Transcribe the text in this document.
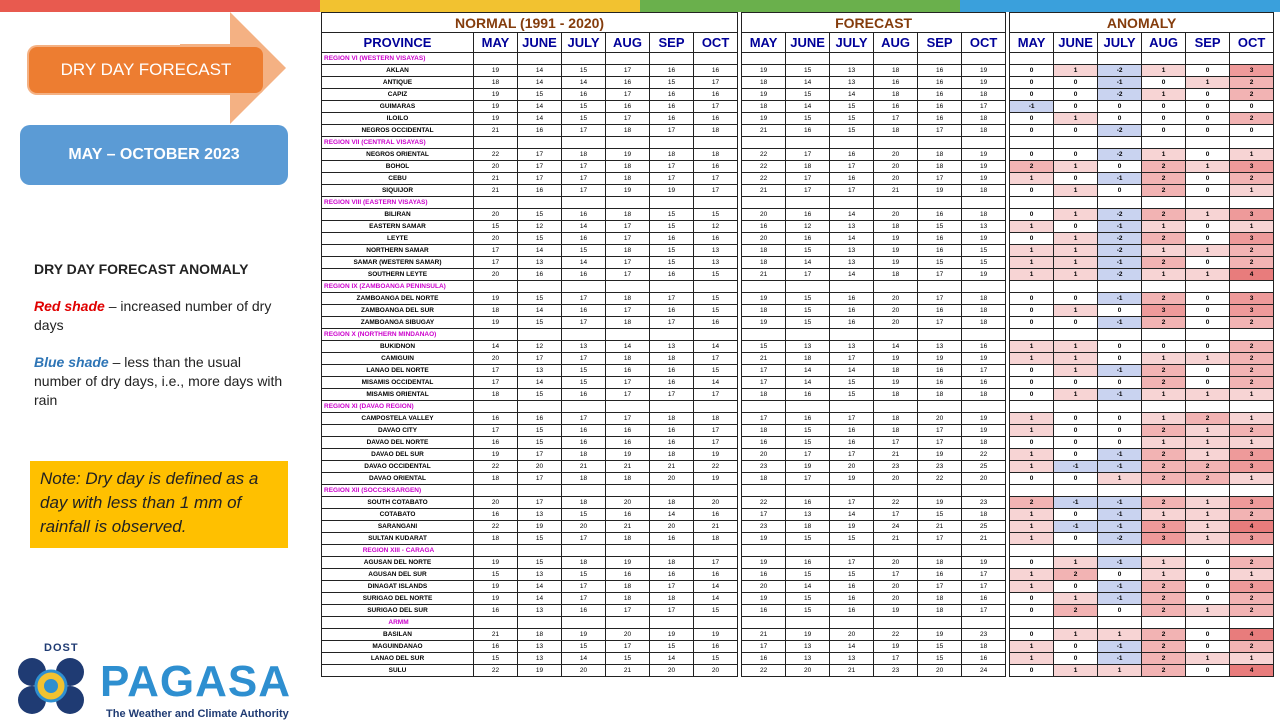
DRY DAY FORECAST
MAY – OCTOBER 2023
DRY DAY FORECAST ANOMALY

Red shade – increased number of dry days

Blue shade – less than the usual number of dry days, i.e., more days with rain

Note: Dry day is defined as a day with less than 1 mm of rainfall is observed.
DOST
PAGASA
The Weather and Climate Authority
NORMAL (1991 - 2020)								FORECAST							ANOMALY					
PROVINCE	MAY	JUNE	JULY	AUG	SEP	OCT		MAY	JUNE	JULY	AUG	SEP	OCT		MAY	JUNE	JULY	AUG	SEP	OCT
REGION VI (WESTERN VISAYAS)																				
AKLAN	19	14	15	17	16	16		19	15	13	18	16	19		0	1	-2	1	0	3
ANTIQUE	18	14	14	16	15	17		18	14	13	16	16	19		0	0	-1	0	1	2
CAPIZ	19	15	16	17	16	16		19	15	14	18	16	18		0	0	-2	1	0	2
GUIMARAS	19	14	15	16	16	17		18	14	15	16	16	17		-1	0	0	0	0	0
ILOILO	19	14	15	17	16	16		19	15	15	17	16	18		0	1	0	0	0	2
NEGROS OCCIDENTAL	21	16	17	18	17	18		21	16	15	18	17	18		0	0	-2	0	0	0
REGION VII (CENTRAL VISAYAS)																				
NEGROS ORIENTAL	22	17	18	19	18	18		22	17	16	20	18	19		0	0	-2	1	0	1
BOHOL	20	17	17	18	17	16		22	18	17	20	18	19		2	1	0	2	1	3
CEBU	21	17	17	18	17	17		22	17	16	20	17	19		1	0	-1	2	0	2
SIQUIJOR	21	16	17	19	19	17		21	17	17	21	19	18		0	1	0	2	0	1
REGION VIII (EASTERN VISAYAS)																				
BILIRAN	20	15	16	18	15	15		20	16	14	20	16	18		0	1	-2	2	1	3
EASTERN SAMAR	15	12	14	17	15	12		16	12	13	18	15	13		1	0	-1	1	0	1
LEYTE	20	15	16	17	16	16		20	16	14	19	16	19		0	1	-2	2	0	3
NORTHERN SAMAR	17	14	15	18	15	13		18	15	13	19	16	15		1	1	-2	1	1	2
SAMAR (WESTERN SAMAR)	17	13	14	17	15	13		18	14	13	19	15	15		1	1	-1	2	0	2
SOUTHERN LEYTE	20	16	16	17	16	15		21	17	14	18	17	19		1	1	-2	1	1	4
REGION IX (ZAMBOANGA PENINSULA)																				
ZAMBOANGA DEL NORTE	19	15	17	18	17	15		19	15	16	20	17	18		0	0	-1	2	0	3
ZAMBOANGA DEL SUR	18	14	16	17	16	15		18	15	16	20	16	18		0	1	0	3	0	3
ZAMBOANGA SIBUGAY	19	15	17	18	17	16		19	15	16	20	17	18		0	0	-1	2	0	2
REGION X (NORTHERN MINDANAO)																				
BUKIDNON	14	12	13	14	13	14		15	13	13	14	13	16		1	1	0	0	0	2
CAMIGUIN	20	17	17	18	18	17		21	18	17	19	19	19		1	1	0	1	1	2
LANAO DEL NORTE	17	13	15	16	16	15		17	14	14	18	16	17		0	1	-1	2	0	2
MISAMIS OCCIDENTAL	17	14	15	17	16	14		17	14	15	19	16	16		0	0	0	2	0	2
MISAMIS ORIENTAL	18	15	16	17	17	17		18	16	15	18	18	18		0	1	-1	1	1	1
REGION XI (DAVAO REGION)																				
CAMPOSTELA VALLEY	16	16	17	17	18	18		17	16	17	18	20	19		1	0	0	1	2	1
DAVAO CITY	17	15	16	16	16	17		18	15	16	18	17	19		1	0	0	2	1	2
DAVAO DEL NORTE	16	15	16	16	16	17		16	15	16	17	17	18		0	0	0	1	1	1
DAVAO DEL SUR	19	17	18	19	18	19		20	17	17	21	19	22		1	0	-1	2	1	3
DAVAO OCCIDENTAL	22	20	21	21	21	22		23	19	20	23	23	25		1	-1	-1	2	2	3
DAVAO ORIENTAL	18	17	18	18	20	19		18	17	19	20	22	20		0	0	1	2	2	1
REGION XII (SOCCSKSARGEN)																				
SOUTH COTABATO	20	17	18	20	18	20		22	16	17	22	19	23		2	-1	-1	2	1	3
COTABATO	16	13	15	16	14	16		17	13	14	17	15	18		1	0	-1	1	1	2
SARANGANI	22	19	20	21	20	21		23	18	19	24	21	25		1	-1	-1	3	1	4
SULTAN KUDARAT	18	15	17	18	16	18		19	15	15	21	17	21		1	0	-2	3	1	3
REGION XIII - CARAGA																				
AGUSAN DEL NORTE	19	15	18	19	18	17		19	16	17	20	18	19		0	1	-1	1	0	2
AGUSAN DEL SUR	15	13	15	16	16	16		16	15	15	17	16	17		1	2	0	1	0	1
DINAGAT ISLANDS	19	14	17	18	17	14		20	14	16	20	17	17		1	0	-1	2	0	3
SURIGAO DEL NORTE	19	14	17	18	18	14		19	15	16	20	18	16		0	1	-1	2	0	2
SURIGAO DEL SUR	16	13	16	17	17	15		16	15	16	19	18	17		0	2	0	2	1	2
ARMM																				
BASILAN	21	18	19	20	19	19		21	19	20	22	19	23		0	1	1	2	0	4
MAGUINDANAO	16	13	15	17	15	16		17	13	14	19	15	18		1	0	-1	2	0	2
LANAO DEL SUR	15	13	14	15	14	15		16	13	13	17	15	16		1	0	-1	2	1	1
SULU	22	19	20	21	20	20		22	20	21	23	20	24		0	1	1	2	0	4
